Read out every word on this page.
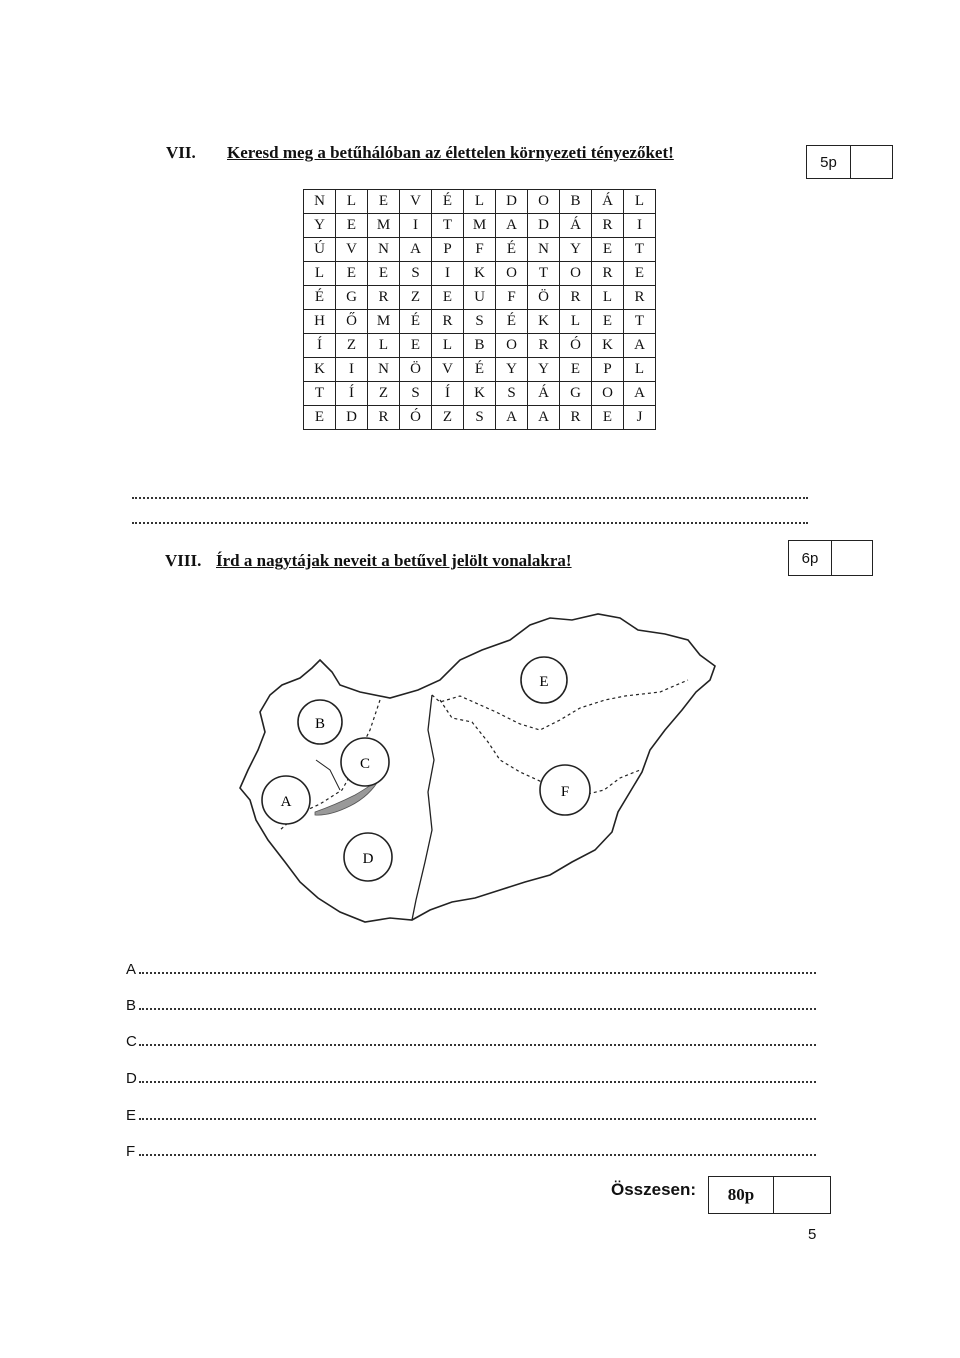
VII. Keresd meg a betűhálóban az élettelen környezeti tényezőket!	5p
N	L	E	V	É	L	D	O	B	Á	L
Y	E	M	I	T	M	A	D	Á	R	I
Ú	V	N	A	P	F	É	N	Y	E	T
L	E	E	S	I	K	O	T	O	R	E
É	G	R	Z	E	U	F	Ö	R	L	R
H	Ő	M	É	R	S	É	K	L	E	T
Í	Z	L	E	L	B	O	R	Ó	K	A
K	I	N	Ö	V	É	Y	Y	E	P	L
T	Í	Z	S	Í	K	S	Á	G	O	A
E	D	R	Ó	Z	S	A	A	R	E	J
VIII. Írd a nagytájak neveit a betűvel jelölt vonalakra!	6p
A
B
C
D
E
F
A
B
C
D
E
F
Összesen:	80p
5
